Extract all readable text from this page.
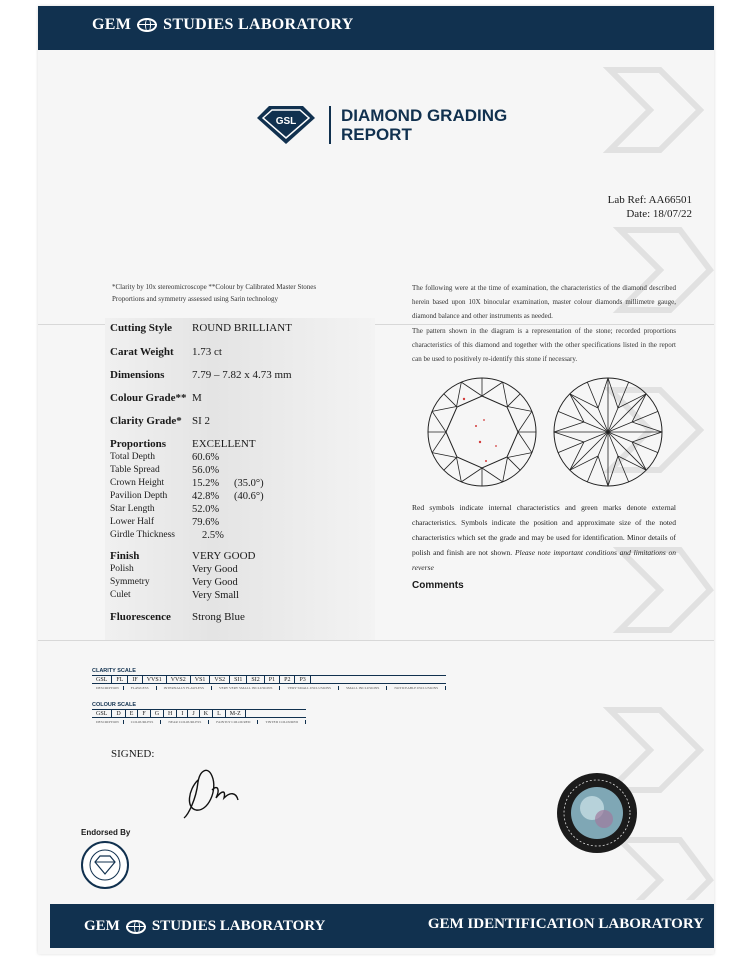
GEM STUDIES LABORATORY
GSL	DIAMOND GRADING
REPORT
Lab Ref: AA66501
Date: 18/07/22
*Clarity by 10x stereomicroscope **Colour by Calibrated Master Stones
Proportions and symmetry assessed using Sarin technology
The following were at the time of examination, the characteristics of the diamond described herein based upon 10X binocular examination, master colour diamonds millimetre gauge, diamond balance and other instruments as needed.
The pattern shown in the diagram is a representation of the stone; recorded proportions characteristics of this diamond and together with the other specifications listed in the report can be used to positively re-identify this stone if necessary.
Cutting Style ROUND BRILLIANT
Carat Weight 1.73 ct
Dimensions	7.79 – 7.82 x 4.73 mm
Colour Grade** M
Clarity Grade* SI 2
Proportions EXCELLENT
Total Depth	60.6%
Table Spread	56.0%
Crown Height	15.2% (35.0°)
Pavilion Depth 42.8% (40.6°)
Star Length	52.0%
Lower Half	79.6%
Girdle Thickness	2.5%
Finish	VERY GOOD
Polish	Very Good
Symmetry	Very Good
Culet	Very Small
Fluorescence Strong Blue
Red symbols indicate internal characteristics and green marks denote external characteristics. Symbols indicate the position and approximate size of the noted characteristics which set the grade and may be used for identification. Minor details of polish and finish are not shown. Please note important conditions and limitations on reverse
Comments
CLARITY SCALE
GSL	FL	IF	VVS1	VVS2	VS1	VS2	SI1	SI2	P1	P2	P3
DESCRIPTION	FLAWLESS	INTERNALLY FLAWLESS	VERY VERY SMALL INCLUSIONS	VERY SMALL INCLUSIONS	SMALL INCLUSIONS	NOTICEABLE INCLUSIONS
COLOUR SCALE
GSL	D	E	F	G	H	I	J	K	L	M-Z
DESCRIPTION	COLOURLESS	NEAR COLOURLESS	FAINTLY COLOURED	TINTED COLOURED
SIGNED:
Endorsed By
GEM STUDIES LABORATORY	GEM IDENTIFICATION LABORATORY
